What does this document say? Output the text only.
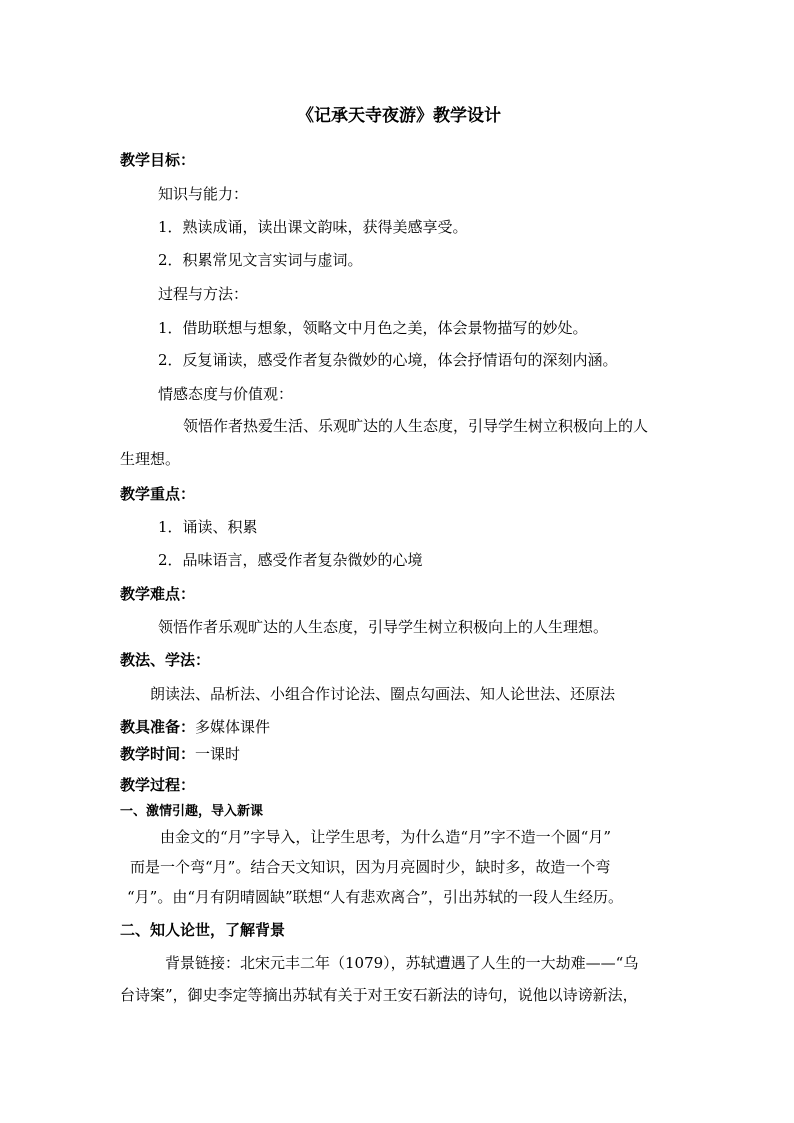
《记承天寺夜游》教学设计
教学目标：
知识与能力：
1．熟读成诵，读出课文韵味，获得美感享受。
2．积累常见文言实词与虚词。
过程与方法：
1．借助联想与想象，领略文中月色之美，体会景物描写的妙处。
2．反复诵读，感受作者复杂微妙的心境，体会抒情语句的深刻内涵。
情感态度与价值观：
领悟作者热爱生活、乐观旷达的人生态度，引导学生树立积极向上的人
生理想。
教学重点：
1．诵读、积累
2．品味语言，感受作者复杂微妙的心境
教学难点：
领悟作者乐观旷达的人生态度，引导学生树立积极向上的人生理想。
教法、学法：
朗读法、品析法、小组合作讨论法、圈点勾画法、知人论世法、还原法
教具准备：多媒体课件
教学时间：一课时
教学过程：
一、激情引趣，导入新课
由金文的“月”字导入，让学生思考，为什么造“月”字不造一个圆“月”
而是一个弯“月”。结合天文知识，因为月亮圆时少，缺时多，故造一个弯
“月”。由“月有阴晴圆缺”联想“人有悲欢离合”，引出苏轼的一段人生经历。
二、知人论世，了解背景
背景链接：北宋元丰二年（1079），苏轼遭遇了人生的一大劫难——“乌
台诗案”，御史李定等摘出苏轼有关于对王安石新法的诗句，说他以诗谤新法，
